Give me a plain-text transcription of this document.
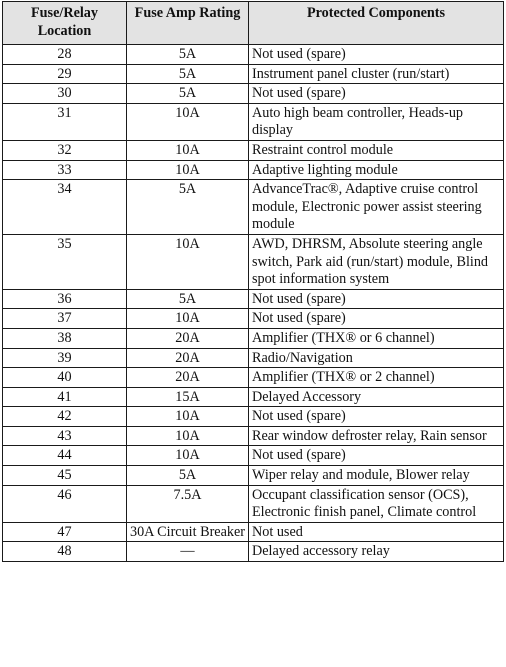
Fuse/Relay Location	Fuse Amp Rating	Protected Components
28	5A	Not used (spare)
29	5A	Instrument panel cluster (run/start)
30	5A	Not used (spare)
31	10A	Auto high beam controller, Heads-up display
32	10A	Restraint control module
33	10A	Adaptive lighting module
34	5A	AdvanceTrac®, Adaptive cruise control module, Electronic power assist steering module
35	10A	AWD, DHRSM, Absolute steering angle switch, Park aid (run/start) module, Blind spot information system
36	5A	Not used (spare)
37	10A	Not used (spare)
38	20A	Amplifier (THX® or 6 channel)
39	20A	Radio/Navigation
40	20A	Amplifier (THX® or 2 channel)
41	15A	Delayed Accessory
42	10A	Not used (spare)
43	10A	Rear window defroster relay, Rain sensor
44	10A	Not used (spare)
45	5A	Wiper relay and module, Blower relay
46	7.5A	Occupant classification sensor (OCS), Electronic finish panel, Climate control
47	30A Circuit Breaker	Not used
48	—	Delayed accessory relay
